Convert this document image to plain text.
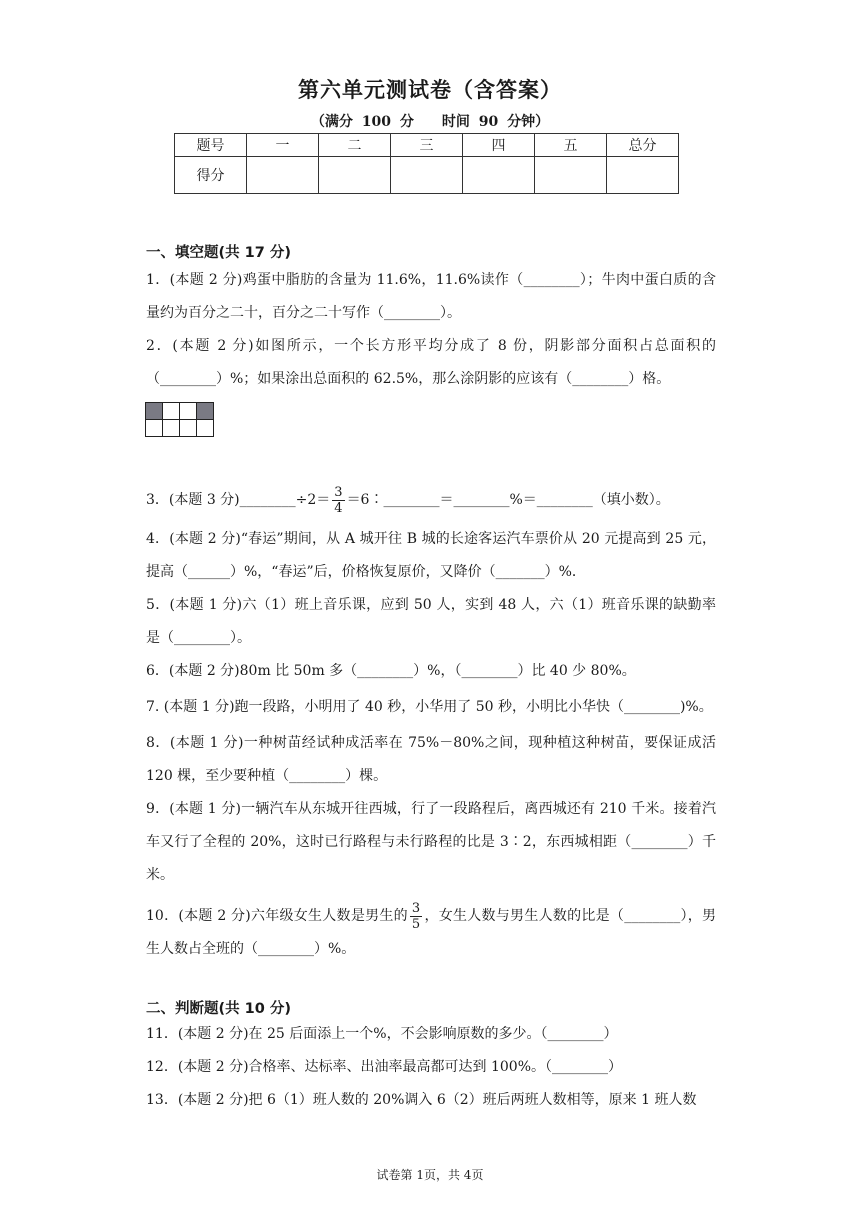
第六单元测试卷（含答案）
（满分 100 分　　时间 90 分钟）
题号	一	二	三	四	五	总分
得分						
一、填空题(共 17 分)
1．(本题 2 分)鸡蛋中脂肪的含量为 11.6%，11.6%读作（________）；牛肉中蛋白质的含量约为百分之二十，百分之二十写作（________）。
2．(本题 2 分)如图所示，一个长方形平均分成了 8 份，阴影部分面积占总面积的（________）%；如果涂出总面积的 62.5%，那么涂阴影的应该有（________）格。

3．(本题 3 分)________÷2＝ $\frac{3}{4}$ ＝6∶________＝________%＝________（填小数）。
4．(本题 2 分)“春运”期间，从 A 城开往 B 城的长途客运汽车票价从 20 元提高到 25 元，提高（______）%，“春运”后，价格恢复原价，又降价（_______）%．
5．(本题 1 分)六（1）班上音乐课，应到 50 人，实到 48 人，六（1）班音乐课的缺勤率是（________）。
6．(本题 2 分)80m 比 50m 多（________）%，（________）比 40 少 80%。
7. (本题 1 分)跑一段路，小明用了 40 秒，小华用了 50 秒，小明比小华快（________)%。
8．(本题 1 分)一种树苗经试种成活率在 75%－80%之间，现种植这种树苗，要保证成活 120 棵，至少要种植（________）棵。
9．(本题 1 分)一辆汽车从东城开往西城，行了一段路程后，离西城还有 210 千米。接着汽车又行了全程的 20%，这时已行路程与未行路程的比是 3∶2，东西城相距（________）千米。
10．(本题 2 分)六年级女生人数是男生的 $\frac{3}{5}$ ，女生人数与男生人数的比是（________），男生人数占全班的（________）%。
二、判断题(共 10 分)
11．(本题 2 分)在 25 后面添上一个%，不会影响原数的多少。（________）
12．(本题 2 分)合格率、达标率、出油率最高都可达到 100%。（________）
13．(本题 2 分)把 6（1）班人数的 20%调入 6（2）班后两班人数相等，原来 1 班人数
试卷第 1页，共 4页
